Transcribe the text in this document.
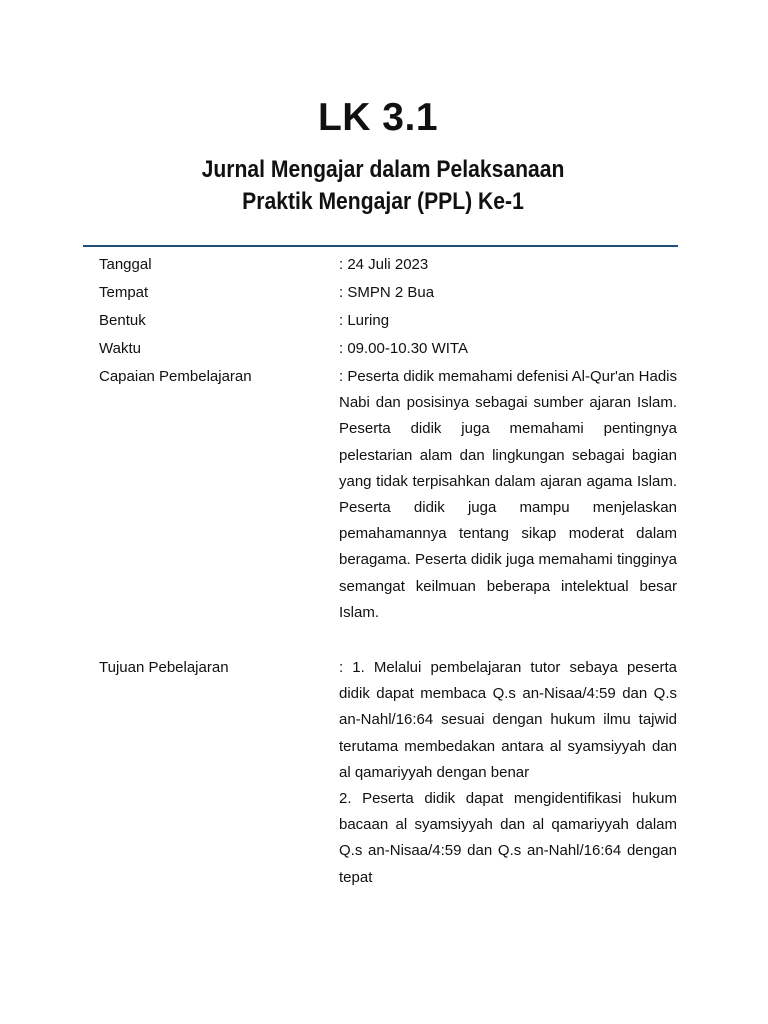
LK 3.1
Jurnal Mengajar dalam Pelaksanaan
Praktik Mengajar (PPL) Ke-1
Tanggal	: 24 Juli 2023
Tempat	: SMPN 2 Bua
Bentuk	: Luring
Waktu	: 09.00-10.30 WITA
Capaian Pembelajaran	: Peserta didik memahami defenisi Al-Qur'an Hadis Nabi dan posisinya sebagai sumber ajaran Islam. Peserta didik juga memahami pentingnya pelestarian alam dan lingkungan sebagai bagian yang tidak terpisahkan dalam ajaran agama Islam. Peserta didik juga mampu menjelaskan pemahamannya tentang sikap moderat dalam beragama. Peserta didik juga memahami tingginya semangat keilmuan beberapa intelektual besar Islam.

Tujuan Pebelajaran	: 1. Melalui pembelajaran tutor sebaya peserta didik dapat membaca Q.s an-Nisaa/4:59 dan Q.s an-Nahl/16:64 sesuai dengan hukum ilmu tajwid terutama membedakan antara al syamsiyyah dan al qamariyyah dengan benar

2. Peserta didik dapat mengidentifikasi hukum bacaan al syamsiyyah dan al qamariyyah dalam Q.s an-Nisaa/4:59 dan Q.s an-Nahl/16:64 dengan tepat
